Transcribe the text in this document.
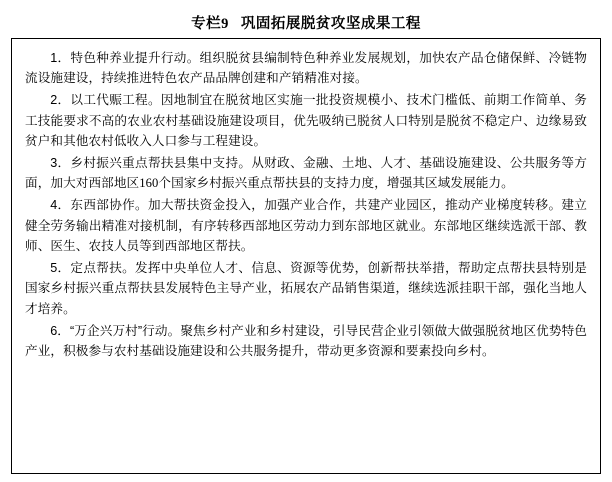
专栏9 巩固拓展脱贫攻坚成果工程

1．特色种养业提升行动。组织脱贫县编制特色种养业发展规划，加快农产品仓储保鲜、冷链物流设施建设，持续推进特色农产品品牌创建和产销精准对接。

2．以工代赈工程。因地制宜在脱贫地区实施一批投资规模小、技术门槛低、前期工作简单、务工技能要求不高的农业农村基础设施建设项目，优先吸纳已脱贫人口特别是脱贫不稳定户、边缘易致贫户和其他农村低收入人口参与工程建设。

3．乡村振兴重点帮扶县集中支持。从财政、金融、土地、人才、基础设施建设、公共服务等方面，加大对西部地区160个国家乡村振兴重点帮扶县的支持力度，增强其区域发展能力。

4．东西部协作。加大帮扶资金投入，加强产业合作，共建产业园区，推动产业梯度转移。建立健全劳务输出精准对接机制，有序转移西部地区劳动力到东部地区就业。东部地区继续选派干部、教师、医生、农技人员等到西部地区帮扶。

5．定点帮扶。发挥中央单位人才、信息、资源等优势，创新帮扶举措，帮助定点帮扶县特别是国家乡村振兴重点帮扶县发展特色主导产业，拓展农产品销售渠道，继续选派挂职干部，强化当地人才培养。

6．“万企兴万村”行动。聚焦乡村产业和乡村建设，引导民营企业引领做大做强脱贫地区优势特色产业，积极参与农村基础设施建设和公共服务提升，带动更多资源和要素投向乡村。
